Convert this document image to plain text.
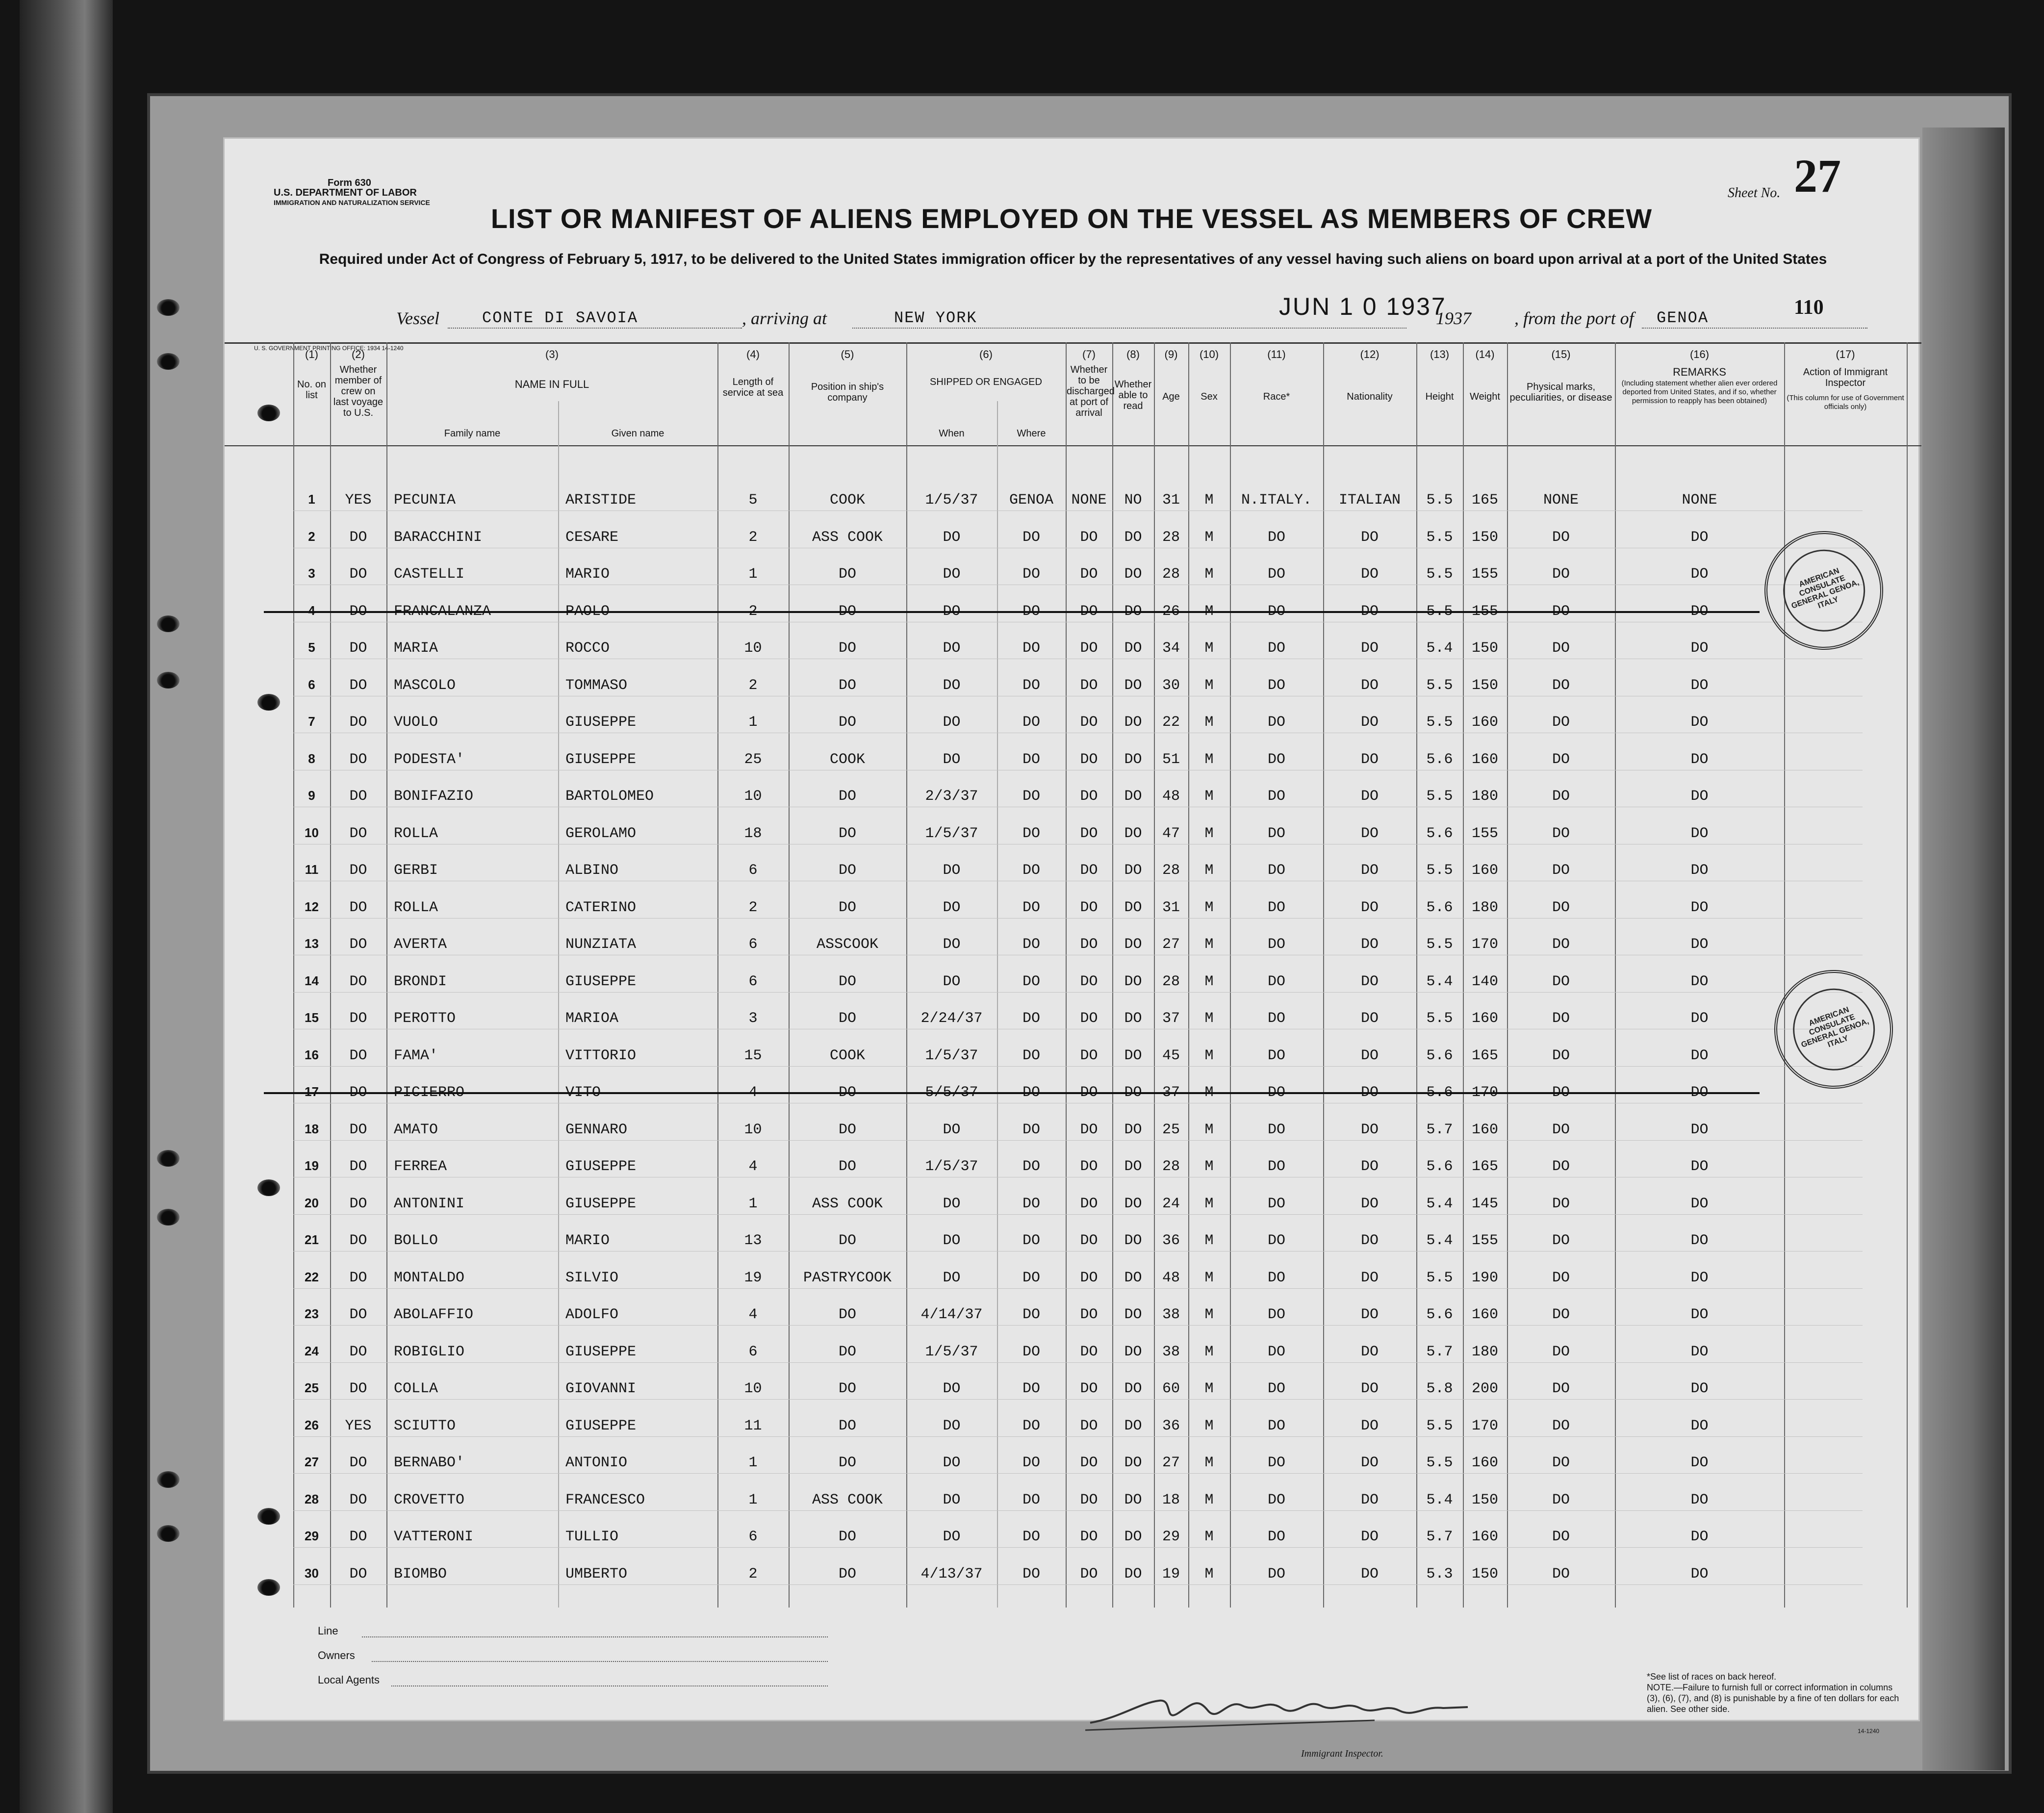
Form 630
U.S. DEPARTMENT OF LABOR
IMMIGRATION AND NATURALIZATION SERVICE
Sheet No. 27
LIST OR MANIFEST OF ALIENS EMPLOYED ON THE VESSEL AS MEMBERS OF CREW
Required under Act of Congress of February 5, 1917, to be delivered to the United States immigration officer by the representatives of any vessel having such aliens on board upon arrival at a port of the United States
Vessel	CONTE DI SAVOIA	, arriving at	NEW YORK	JUN 1 0 1937
1937 , from the port of GENOA	110
U. S. GOVERNMENT PRINTING OFFICE: 1934 14-1240
(1)
No. on list
(2)
Whether member of crew on last voyage to U.S.
(3)
NAME IN FULL
Family name	Given name
(4)
Length of service at sea
(5)
Position in ship's company
(6)
SHIPPED OR ENGAGED
When	Where
(7)
Whether to be discharged at port of arrival
(8)
Whether able to read
(9)
Age
(10)
Sex
(11)
Race*
(12)
Nationality
(13)
Height
(14)
Weight
(15)
Physical marks, peculiarities, or disease
(16)
REMARKS
(Including statement whether alien ever ordered deported from United States, and if so, whether permission to reapply has been obtained)
(17)
Action of Immigrant Inspector
(This column for use of Government officials only)
1	YES	PECUNIA	ARISTIDE	5	COOK	1/5/37	GENOA	NONE	NO	31	M	N.ITALY.	ITALIAN	5.5	165	NONE	NONE
2	DO	BARACCHINI	CESARE	2	ASS COOK	DO	DO	DO	DO	28	M	DO	DO	5.5	150	DO	DO
3	DO	CASTELLI	MARIO	1	DO	DO	DO	DO	DO	28	M	DO	DO	5.5	155	DO	DO
4	DO	FRANCALANZA	PAOLO	2	DO	DO	DO	DO	DO	26	M	DO	DO	5.5	155	DO	DO
5	DO	MARIA	ROCCO	10	DO	DO	DO	DO	DO	34	M	DO	DO	5.4	150	DO	DO
6	DO	MASCOLO	TOMMASO	2	DO	DO	DO	DO	DO	30	M	DO	DO	5.5	150	DO	DO
7	DO	VUOLO	GIUSEPPE	1	DO	DO	DO	DO	DO	22	M	DO	DO	5.5	160	DO	DO
8	DO	PODESTA'	GIUSEPPE	25	COOK	DO	DO	DO	DO	51	M	DO	DO	5.6	160	DO	DO
9	DO	BONIFAZIO	BARTOLOMEO	10	DO	2/3/37	DO	DO	DO	48	M	DO	DO	5.5	180	DO	DO
10	DO	ROLLA	GEROLAMO	18	DO	1/5/37	DO	DO	DO	47	M	DO	DO	5.6	155	DO	DO
11	DO	GERBI	ALBINO	6	DO	DO	DO	DO	DO	28	M	DO	DO	5.5	160	DO	DO
12	DO	ROLLA	CATERINO	2	DO	DO	DO	DO	DO	31	M	DO	DO	5.6	180	DO	DO
13	DO	AVERTA	NUNZIATA	6	ASSCOOK	DO	DO	DO	DO	27	M	DO	DO	5.5	170	DO	DO
14	DO	BRONDI	GIUSEPPE	6	DO	DO	DO	DO	DO	28	M	DO	DO	5.4	140	DO	DO
15	DO	PEROTTO	MARIOA	3	DO	2/24/37	DO	DO	DO	37	M	DO	DO	5.5	160	DO	DO
16	DO	FAMA'	VITTORIO	15	COOK	1/5/37	DO	DO	DO	45	M	DO	DO	5.6	165	DO	DO
17	DO	PICIERRO	VITO	4	DO	5/5/37	DO	DO	DO	37	M	DO	DO	5.6	170	DO	DO
18	DO	AMATO	GENNARO	10	DO	DO	DO	DO	DO	25	M	DO	DO	5.7	160	DO	DO
19	DO	FERREA	GIUSEPPE	4	DO	1/5/37	DO	DO	DO	28	M	DO	DO	5.6	165	DO	DO
20	DO	ANTONINI	GIUSEPPE	1	ASS COOK	DO	DO	DO	DO	24	M	DO	DO	5.4	145	DO	DO
21	DO	BOLLO	MARIO	13	DO	DO	DO	DO	DO	36	M	DO	DO	5.4	155	DO	DO
22	DO	MONTALDO	SILVIO	19	PASTRYCOOK	DO	DO	DO	DO	48	M	DO	DO	5.5	190	DO	DO
23	DO	ABOLAFFIO	ADOLFO	4	DO	4/14/37	DO	DO	DO	38	M	DO	DO	5.6	160	DO	DO
24	DO	ROBIGLIO	GIUSEPPE	6	DO	1/5/37	DO	DO	DO	38	M	DO	DO	5.7	180	DO	DO
25	DO	COLLA	GIOVANNI	10	DO	DO	DO	DO	DO	60	M	DO	DO	5.8	200	DO	DO
26	YES	SCIUTTO	GIUSEPPE	11	DO	DO	DO	DO	DO	36	M	DO	DO	5.5	170	DO	DO
27	DO	BERNABO'	ANTONIO	1	DO	DO	DO	DO	DO	27	M	DO	DO	5.5	160	DO	DO
28	DO	CROVETTO	FRANCESCO	1	ASS COOK	DO	DO	DO	DO	18	M	DO	DO	5.4	150	DO	DO
29	DO	VATTERONI	TULLIO	6	DO	DO	DO	DO	DO	29	M	DO	DO	5.7	160	DO	DO
30	DO	BIOMBO	UMBERTO	2	DO	4/13/37	DO	DO	DO	19	M	DO	DO	5.3	150	DO	DO
AMERICAN CONSULATE GENERAL GENOA, ITALY
AMERICAN CONSULATE GENERAL GENOA, ITALY
Line
Owners
Local Agents
Immigrant Inspector.
*See list of races on back hereof.
NOTE.—Failure to furnish full or correct information in columns (3), (6), (7), and (8) is punishable by a fine of ten dollars for each alien. See other side.
14-1240
